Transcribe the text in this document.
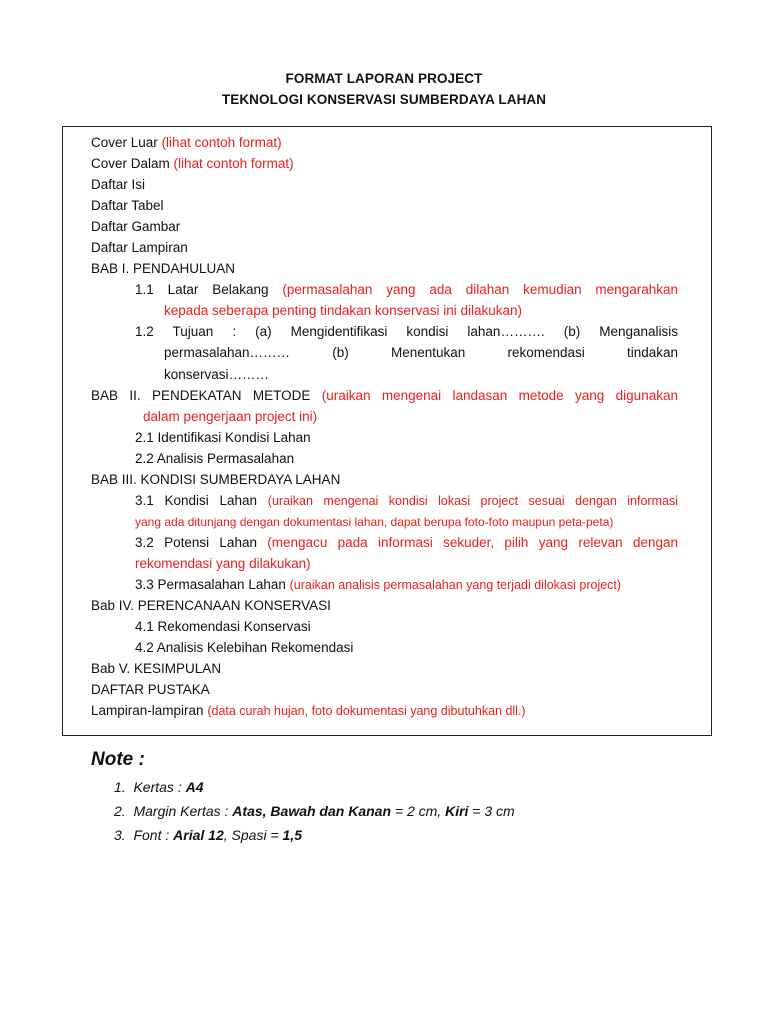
FORMAT LAPORAN PROJECT
TEKNOLOGI KONSERVASI SUMBERDAYA LAHAN
Cover Luar (lihat contoh format)
Cover Dalam (lihat contoh format)
Daftar Isi
Daftar Tabel
Daftar Gambar
Daftar Lampiran
BAB I. PENDAHULUAN
1.1 Latar Belakang (permasalahan yang ada dilahan kemudian mengarahkan
kepada seberapa penting tindakan konservasi ini dilakukan)
1.2 Tujuan : (a) Mengidentifikasi kondisi lahan………. (b) Menganalisis
permasalahan……… (b) Menentukan rekomendasi tindakan
konservasi………
BAB II. PENDEKATAN METODE (uraikan mengenai landasan metode yang digunakan
dalam pengerjaan project ini)
2.1 Identifikasi Kondisi Lahan
2.2 Analisis Permasalahan
BAB III. KONDISI SUMBERDAYA LAHAN
3.1 Kondisi Lahan (uraikan mengenai kondisi lokasi project sesuai dengan informasi
yang ada ditunjang dengan dokumentasi lahan, dapat berupa foto-foto maupun peta-peta)
3.2 Potensi Lahan (mengacu pada informasi sekuder, pilih yang relevan dengan
rekomendasi yang dilakukan)
3.3 Permasalahan Lahan (uraikan analisis permasalahan yang terjadi dilokasi project)
Bab IV. PERENCANAAN KONSERVASI
4.1 Rekomendasi Konservasi
4.2 Analisis Kelebihan Rekomendasi
Bab V. KESIMPULAN
DAFTAR PUSTAKA
Lampiran-lampiran (data curah hujan, foto dokumentasi yang dibutuhkan dll.)
Note :
1. Kertas : A4
2. Margin Kertas : Atas, Bawah dan Kanan = 2 cm, Kiri = 3 cm
3. Font : Arial 12, Spasi = 1,5
